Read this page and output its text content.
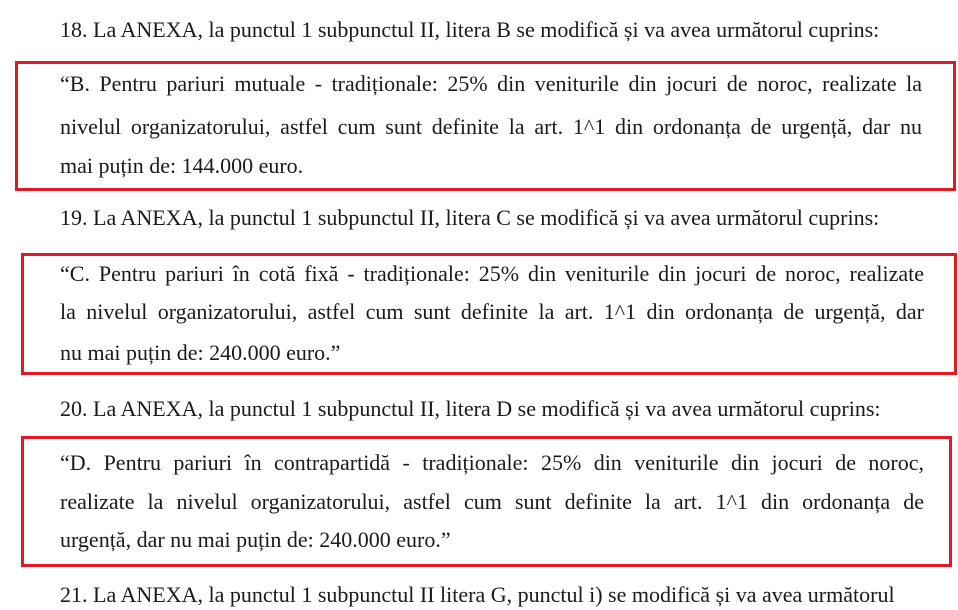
18. La ANEXA, la punctul 1 subpunctul II, litera B se modifică și va avea următorul cuprins:
“B. Pentru pariuri mutuale - tradiționale: 25% din veniturile din jocuri de noroc, realizate la
nivelul organizatorului, astfel cum sunt definite la art. 1^1 din ordonanța de urgență, dar nu
mai puțin de: 144.000 euro.
19. La ANEXA, la punctul 1 subpunctul II, litera C se modifică și va avea următorul cuprins:
“C. Pentru pariuri în cotă fixă - tradiționale: 25% din veniturile din jocuri de noroc, realizate
la nivelul organizatorului, astfel cum sunt definite la art. 1^1 din ordonanța de urgență, dar
nu mai puțin de: 240.000 euro.”
20. La ANEXA, la punctul 1 subpunctul II, litera D se modifică și va avea următorul cuprins:
“D. Pentru pariuri în contrapartidă - tradiționale: 25% din veniturile din jocuri de noroc,
realizate la nivelul organizatorului, astfel cum sunt definite la art. 1^1 din ordonanța de
urgență, dar nu mai puțin de: 240.000 euro.”
21. La ANEXA, la punctul 1 subpunctul II litera G, punctul i) se modifică și va avea următorul
